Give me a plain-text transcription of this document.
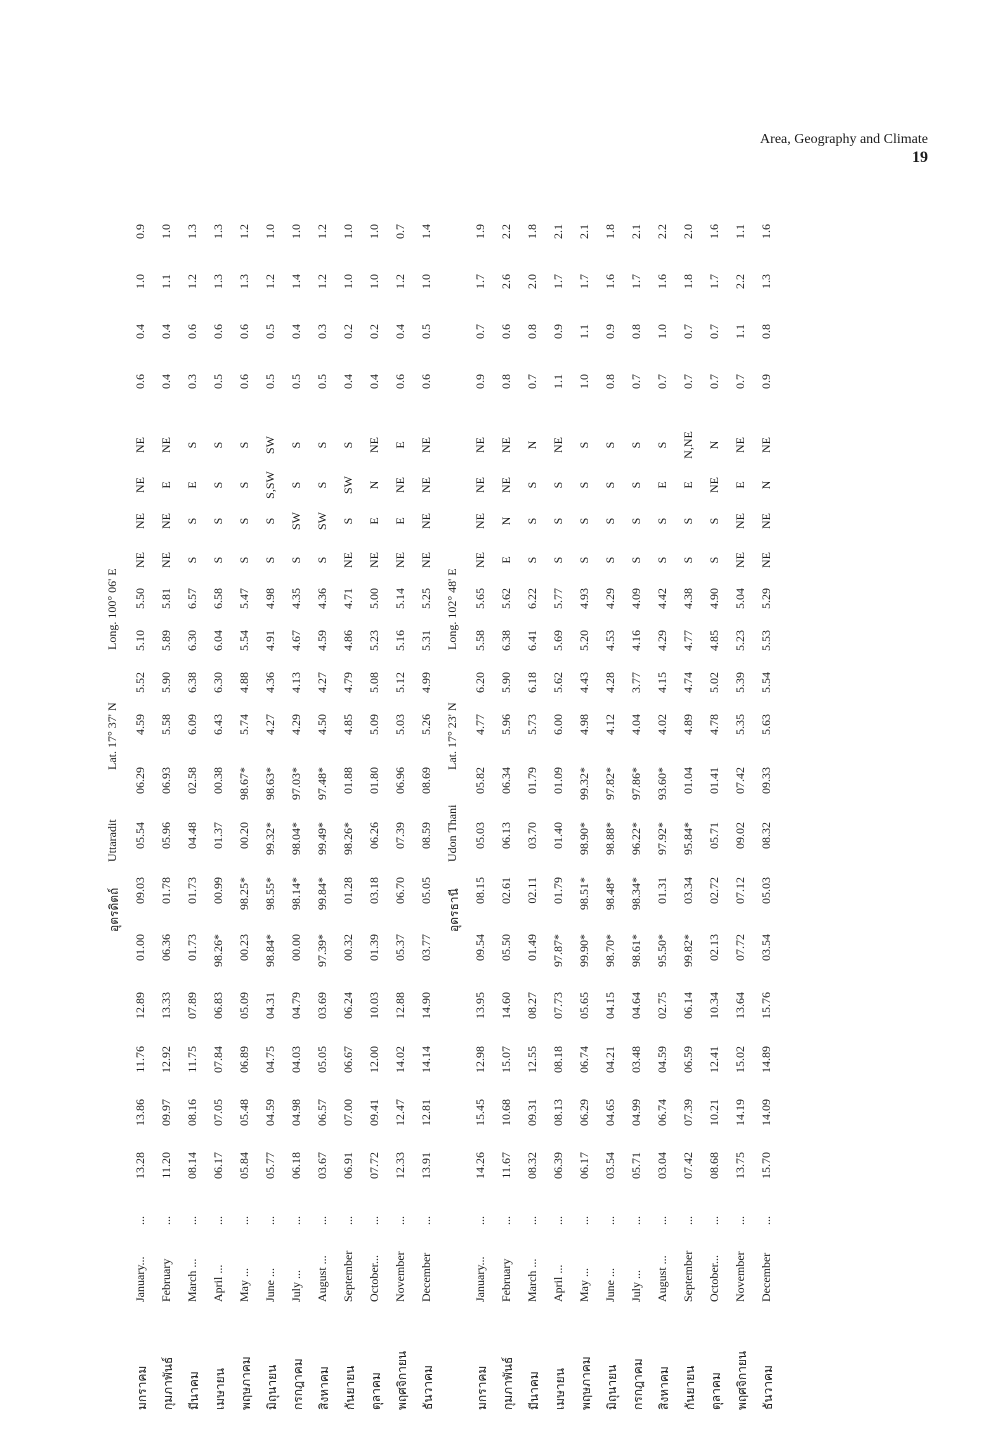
Area, Geography and Climate
19
อุตรดิตถ์
Uttaradit
Lat. 17° 37' N
Long. 100° 06' E
มกราคม
January...
...
13.28
13.86
11.76
12.89
01.00
09.03
05.54
06.29
4.59
5.52
5.10
5.50
NE
NE
NE
NE
0.6
0.4
1.0
0.9
กุมภาพันธ์
February
...
11.20
09.97
12.92
13.33
06.36
01.78
05.96
06.93
5.58
5.90
5.89
5.81
NE
NE
E
NE
0.4
0.4
1.1
1.0
มีนาคม
March ...
...
08.14
08.16
11.75
07.89
01.73
01.73
04.48
02.58
6.09
6.38
6.30
6.57
S
S
E
S
0.3
0.6
1.2
1.3
เมษายน
April ...
...
06.17
07.05
07.84
06.83
98.26*
00.99
01.37
00.38
6.43
6.30
6.04
6.58
S
S
S
S
0.5
0.6
1.3
1.3
พฤษภาคม
May ...
...
05.84
05.48
06.89
05.09
00.23
98.25*
00.20
98.67*
5.74
4.88
5.54
5.47
S
S
S
S
0.6
0.6
1.3
1.2
มิถุนายน
June ...
...
05.77
04.59
04.75
04.31
98.84*
98.55*
99.32*
98.63*
4.27
4.36
4.91
4.98
S
S
S,SW
SW
0.5
0.5
1.2
1.0
กรกฎาคม
July ...
...
06.18
04.98
04.03
04.79
00.00
98.14*
98.04*
97.03*
4.29
4.13
4.67
4.35
S
SW
S
S
0.5
0.4
1.4
1.0
สิงหาคม
August ...
...
03.67
06.57
05.05
03.69
97.39*
99.84*
99.49*
97.48*
4.50
4.27
4.59
4.36
S
SW
S
S
0.5
0.3
1.2
1.2
กันยายน
September
...
06.91
07.00
06.67
06.24
00.32
01.28
98.26*
01.88
4.85
4.79
4.86
4.71
NE
S
SW
S
0.4
0.2
1.0
1.0
ตุลาคม
October...
...
07.72
09.41
12.00
10.03
01.39
03.18
06.26
01.80
5.09
5.08
5.23
5.00
NE
E
N
NE
0.4
0.2
1.0
1.0
พฤศจิกายน
November
...
12.33
12.47
14.02
12.88
05.37
06.70
07.39
06.96
5.03
5.12
5.16
5.14
NE
E
NE
E
0.6
0.4
1.2
0.7
ธันวาคม
December
...
13.91
12.81
14.14
14.90
03.77
05.05
08.59
08.69
5.26
4.99
5.31
5.25
NE
NE
NE
NE
0.6
0.5
1.0
1.4
อุดรธานี
Udon Thani
Lat. 17° 23' N
Long. 102° 48' E
มกราคม
January...
...
14.26
15.45
12.98
13.95
09.54
08.15
05.03
05.82
4.77
6.20
5.58
5.65
NE
NE
NE
NE
0.9
0.7
1.7
1.9
กุมภาพันธ์
February
...
11.67
10.68
15.07
14.60
05.50
02.61
06.13
06.34
5.96
5.90
6.38
5.62
E
N
NE
NE
0.8
0.6
2.6
2.2
มีนาคม
March ...
...
08.32
09.31
12.55
08.27
01.49
02.11
03.70
01.79
5.73
6.18
6.41
6.22
S
S
S
N
0.7
0.8
2.0
1.8
เมษายน
April ...
...
06.39
08.13
08.18
07.73
97.87*
01.79
01.40
01.09
6.00
5.62
5.69
5.77
S
S
S
NE
1.1
0.9
1.7
2.1
พฤษภาคม
May ...
...
06.17
06.29
06.74
05.65
99.90*
98.51*
98.90*
99.32*
4.98
4.43
5.20
4.93
S
S
S
S
1.0
1.1
1.7
2.1
มิถุนายน
June ...
...
03.54
04.65
04.21
04.15
98.70*
98.48*
98.88*
97.82*
4.12
4.28
4.53
4.29
S
S
S
S
0.8
0.9
1.6
1.8
กรกฎาคม
July ...
...
05.71
04.99
03.48
04.64
98.61*
98.34*
96.22*
97.86*
4.04
3.77
4.16
4.09
S
S
S
S
0.7
0.8
1.7
2.1
สิงหาคม
August ...
...
03.04
06.74
04.59
02.75
95.50*
01.31
97.92*
93.60*
4.02
4.15
4.29
4.42
S
S
E
S
0.7
1.0
1.6
2.2
กันยายน
September
...
07.42
07.39
06.59
06.14
99.82*
03.34
95.84*
01.04
4.89
4.74
4.77
4.38
S
S
E
N,NE
0.7
0.7
1.8
2.0
ตุลาคม
October...
...
08.68
10.21
12.41
10.34
02.13
02.72
05.71
01.41
4.78
5.02
4.85
4.90
S
S
NE
N
0.7
0.7
1.7
1.6
พฤศจิกายน
November
...
13.75
14.19
15.02
13.64
07.72
07.12
09.02
07.42
5.35
5.39
5.23
5.04
NE
NE
E
NE
0.7
1.1
2.2
1.1
ธันวาคม
December
...
15.70
14.09
14.89
15.76
03.54
05.03
08.32
09.33
5.63
5.54
5.53
5.29
NE
NE
N
NE
0.9
0.8
1.3
1.6
